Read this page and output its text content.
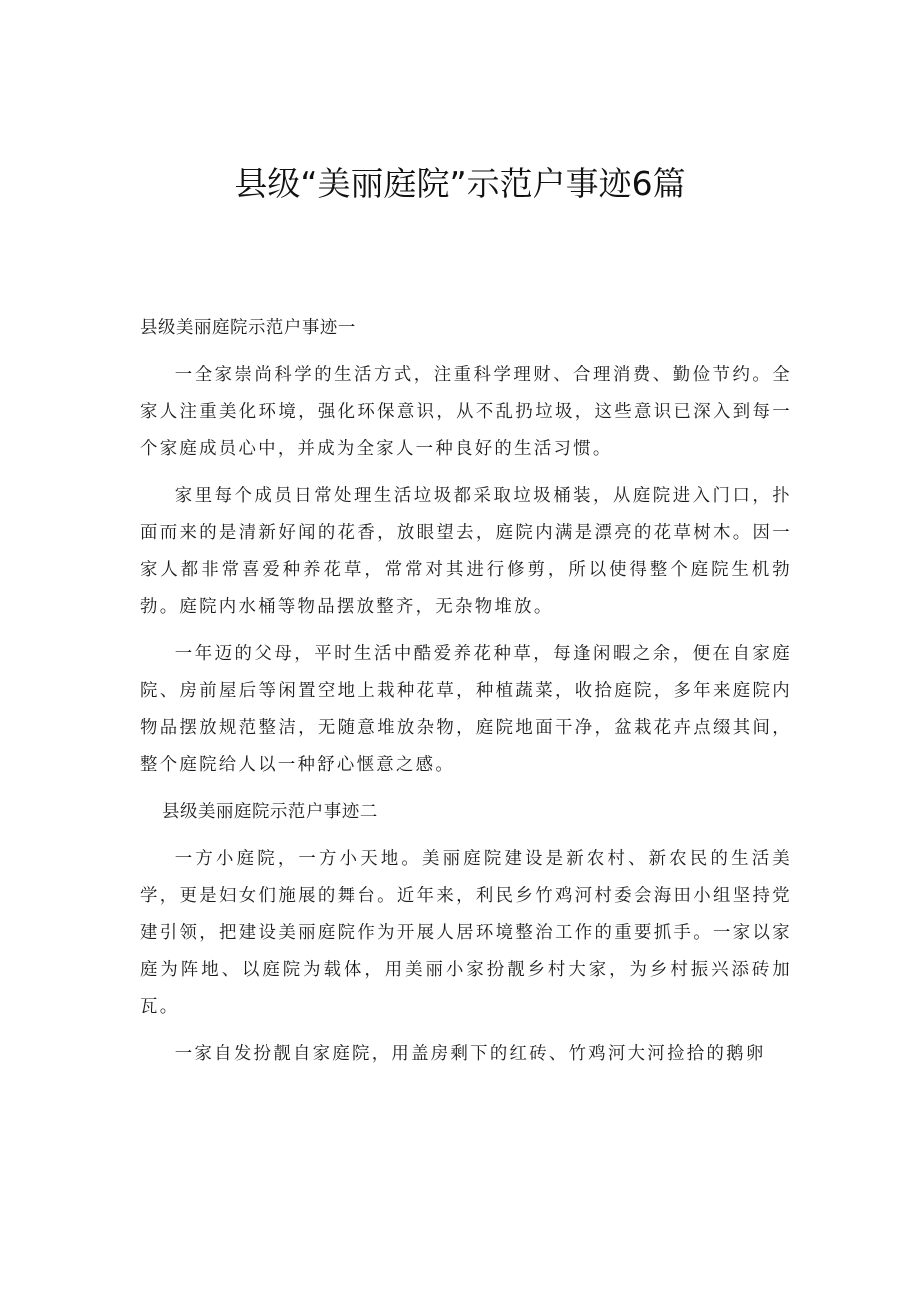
县级“美丽庭院”示范户事迹6篇

县级美丽庭院示范户事迹一

一全家崇尚科学的生活方式，注重科学理财、合理消费、勤俭节约。全家人注重美化环境，强化环保意识，从不乱扔垃圾，这些意识已深入到每一个家庭成员心中，并成为全家人一种良好的生活习惯。

家里每个成员日常处理生活垃圾都采取垃圾桶装，从庭院进入门口，扑面而来的是清新好闻的花香，放眼望去，庭院内满是漂亮的花草树木。因一家人都非常喜爱种养花草，常常对其进行修剪，所以使得整个庭院生机勃勃。庭院内水桶等物品摆放整齐，无杂物堆放。

一年迈的父母，平时生活中酷爱养花种草，每逢闲暇之余，便在自家庭院、房前屋后等闲置空地上栽种花草，种植蔬菜，收拾庭院，多年来庭院内物品摆放规范整洁，无随意堆放杂物，庭院地面干净，盆栽花卉点缀其间，整个庭院给人以一种舒心惬意之感。

县级美丽庭院示范户事迹二

一方小庭院，一方小天地。美丽庭院建设是新农村、新农民的生活美学，更是妇女们施展的舞台。近年来，利民乡竹鸡河村委会海田小组坚持党建引领，把建设美丽庭院作为开展人居环境整治工作的重要抓手。一家以家庭为阵地、以庭院为载体，用美丽小家扮靓乡村大家，为乡村振兴添砖加瓦。

一家自发扮靓自家庭院，用盖房剩下的红砖、竹鸡河大河捡拾的鹅卵
